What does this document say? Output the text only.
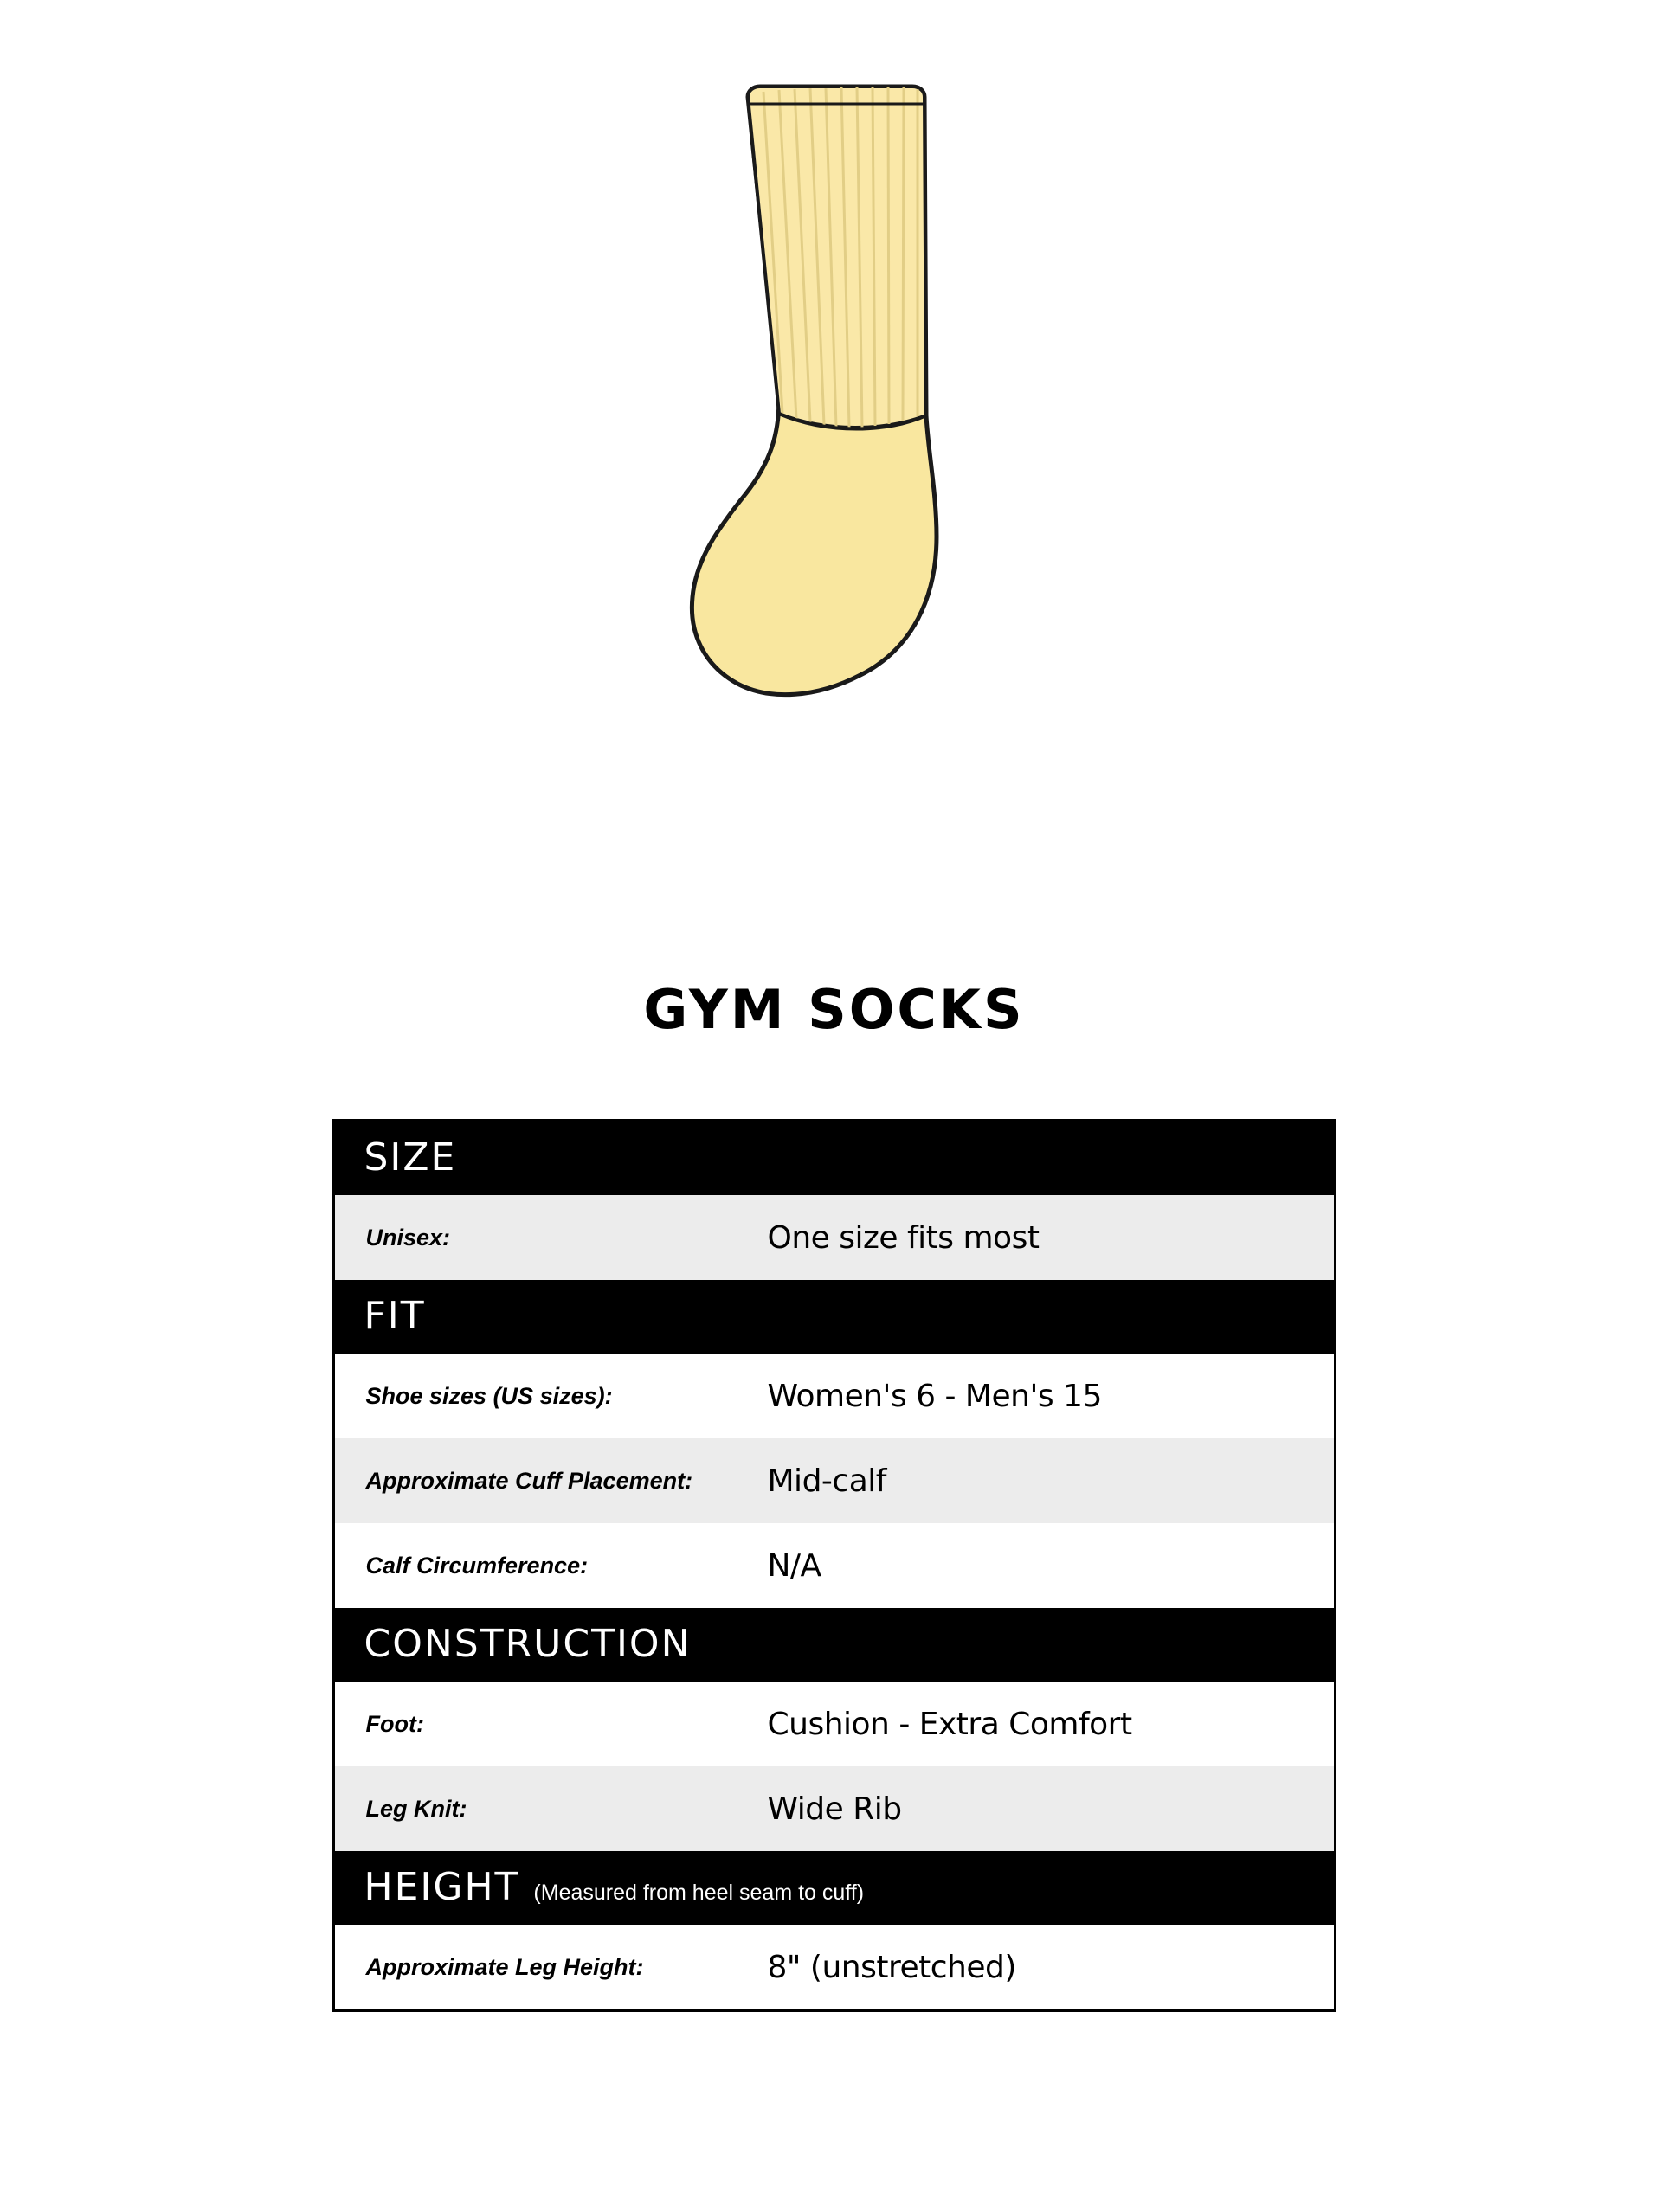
GYM SOCKS
SIZE
Unisex:	One size fits most
FIT
Shoe sizes (US sizes):	Women's 6 - Men's 15
Approximate Cuff Placement:	Mid-calf
Calf Circumference:	N/A
CONSTRUCTION
Foot:	Cushion - Extra Comfort
Leg Knit:	Wide Rib
HEIGHT (Measured from heel seam to cuff)
Approximate Leg Height:	8" (unstretched)
